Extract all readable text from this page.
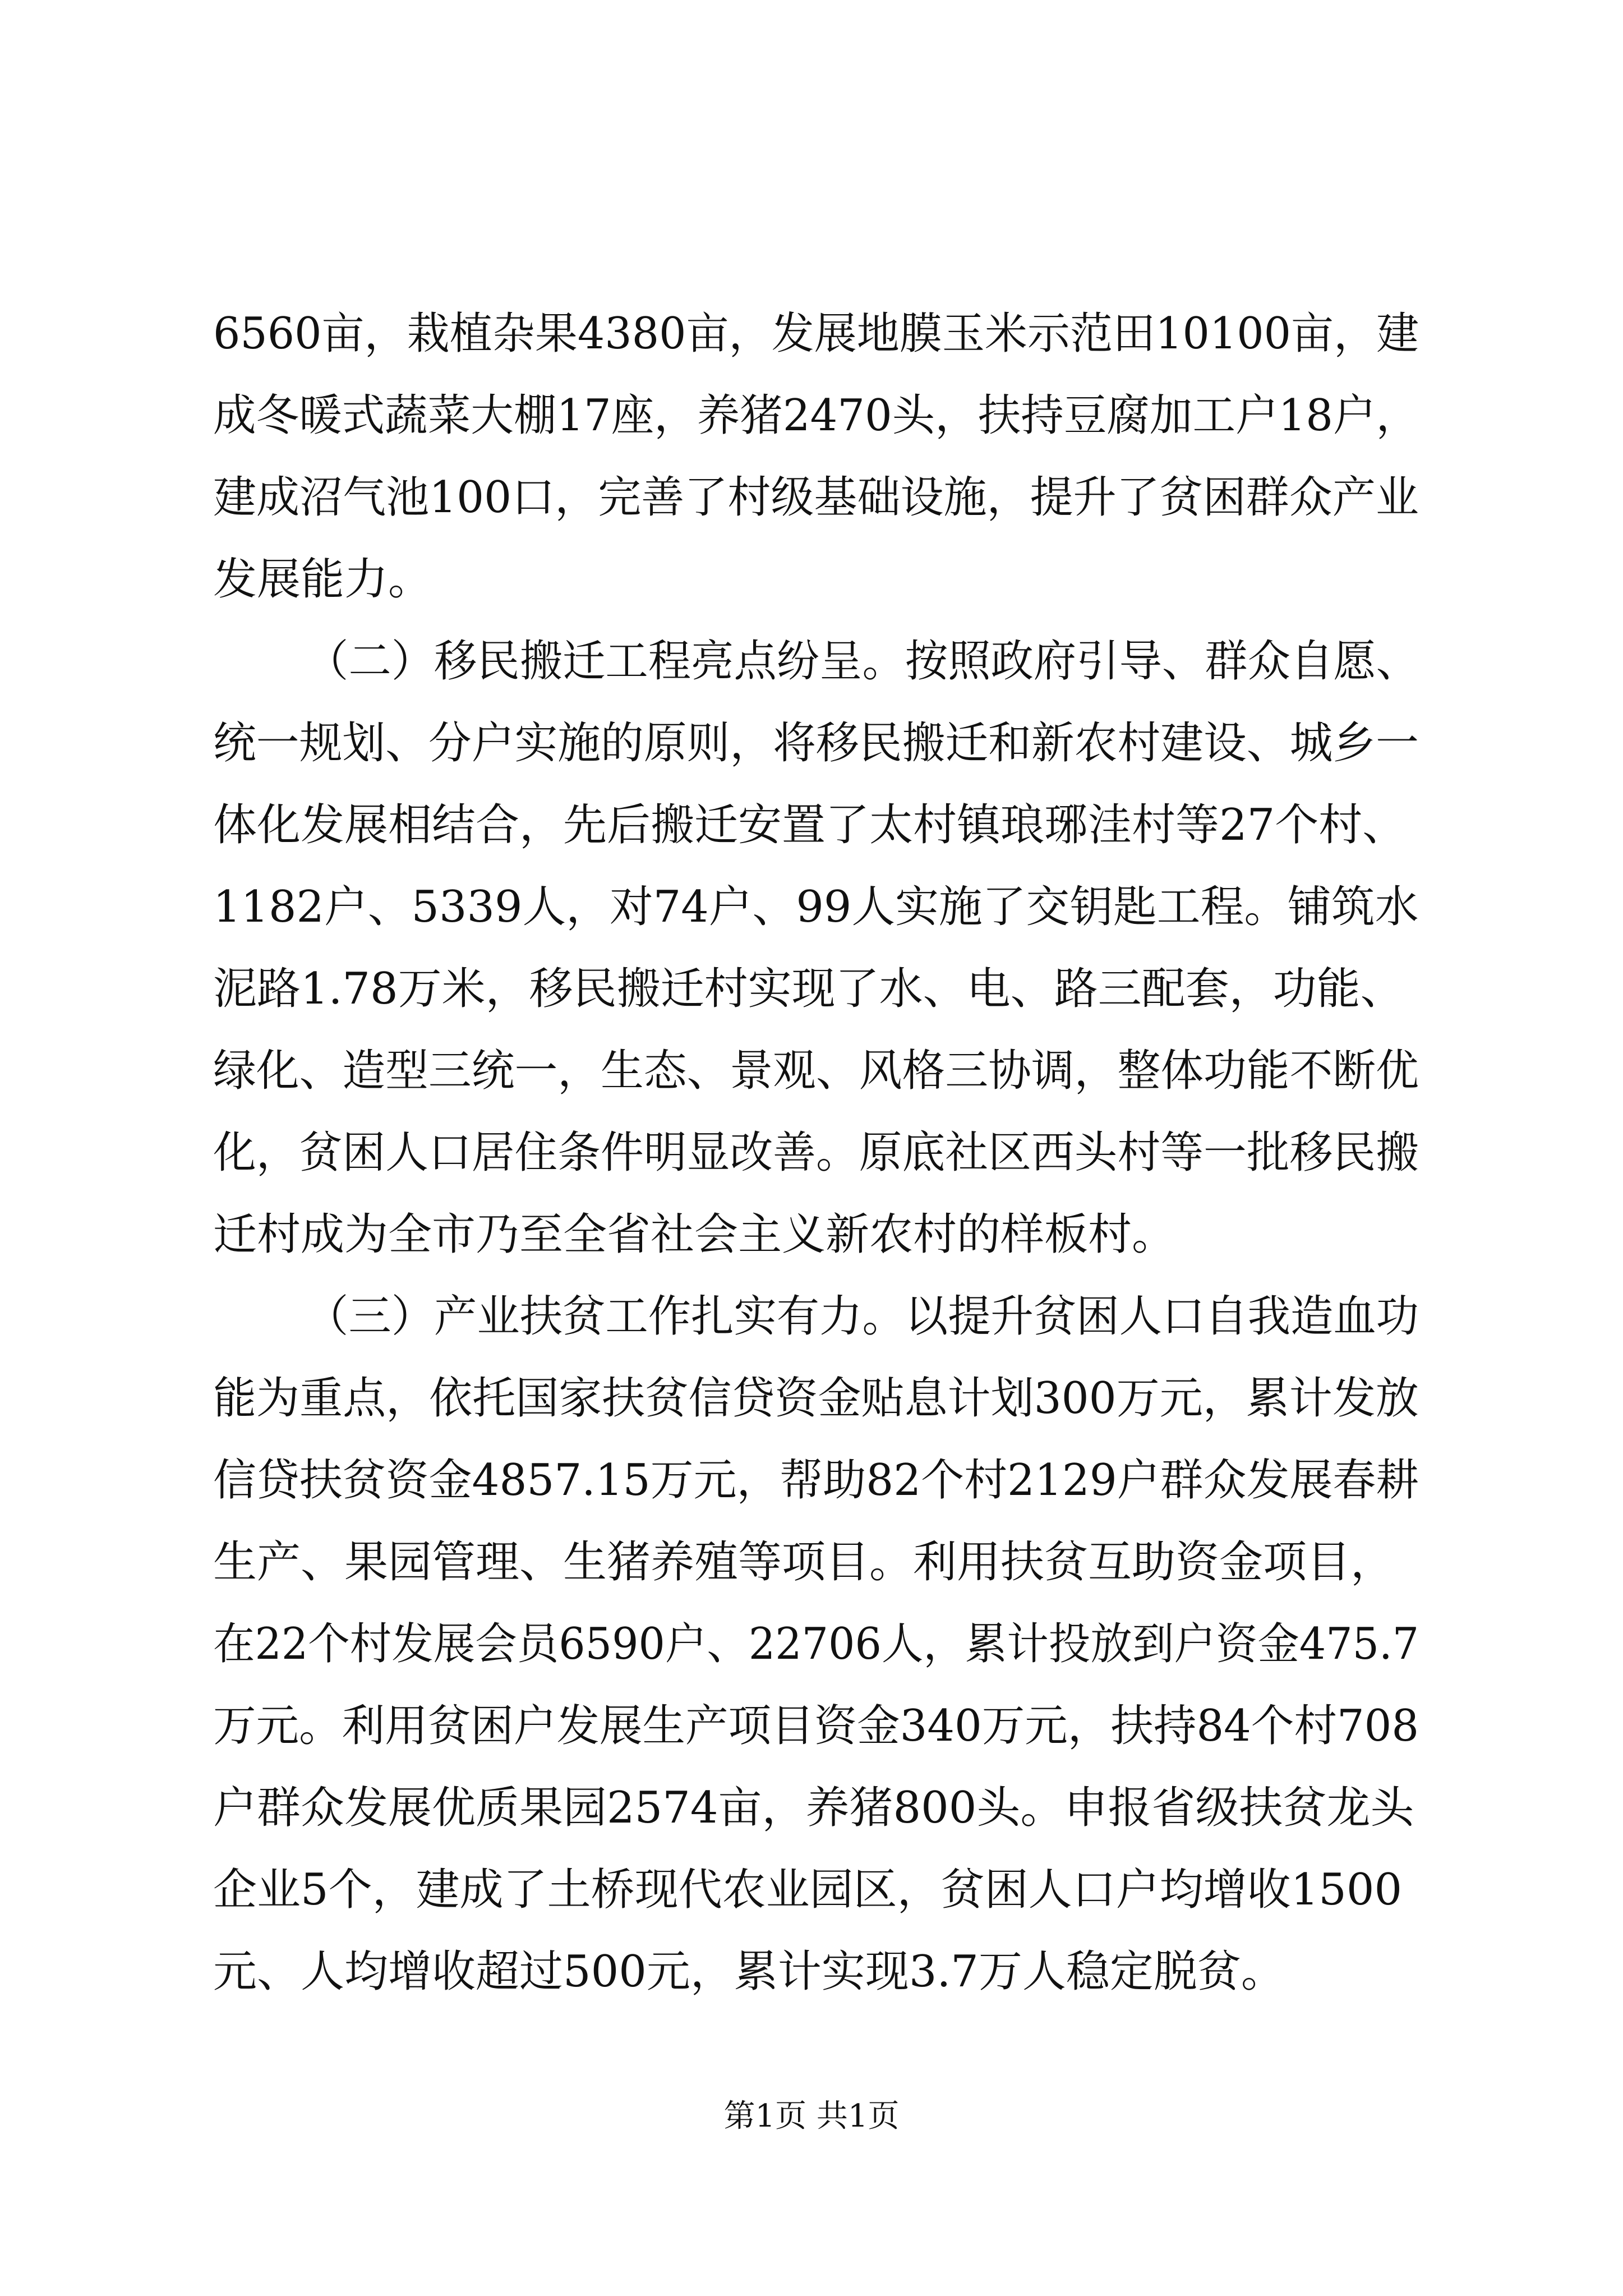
6560亩，栽植杂果4380亩，发展地膜玉米示范田10100亩，建
成冬暖式蔬菜大棚17座，养猪2470头，扶持豆腐加工户18户，
建成沼气池100口，完善了村级基础设施，提升了贫困群众产业
发展能力。
（二）移民搬迁工程亮点纷呈。按照政府引导、群众自愿、
统一规划、分户实施的原则，将移民搬迁和新农村建设、城乡一
体化发展相结合，先后搬迁安置了太村镇琅琊洼村等27个村、
1182户、5339人，对74户、99人实施了交钥匙工程。铺筑水
泥路1.78万米，移民搬迁村实现了水、电、路三配套，功能、
绿化、造型三统一，生态、景观、风格三协调，整体功能不断优
化，贫困人口居住条件明显改善。原底社区西头村等一批移民搬
迁村成为全市乃至全省社会主义新农村的样板村。
（三）产业扶贫工作扎实有力。以提升贫困人口自我造血功
能为重点，依托国家扶贫信贷资金贴息计划300万元，累计发放
信贷扶贫资金4857.15万元，帮助82个村2129户群众发展春耕
生产、果园管理、生猪养殖等项目。利用扶贫互助资金项目，
在22个村发展会员6590户、22706人，累计投放到户资金475.7
万元。利用贫困户发展生产项目资金340万元，扶持84个村708
户群众发展优质果园2574亩，养猪800头。申报省级扶贫龙头
企业5个，建成了土桥现代农业园区，贫困人口户均增收1500
元、人均增收超过500元，累计实现3.7万人稳定脱贫。
第1页 共1页
